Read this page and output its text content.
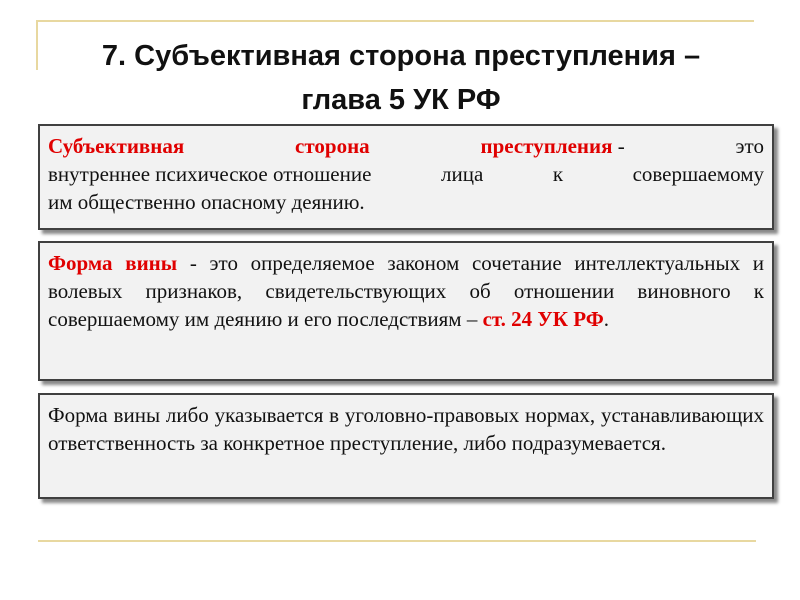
7. Субъективная сторона преступления –
глава 5 УК РФ
Субъективная	сторона	преступления -	это
внутреннее психическое отношение	лица	к	совершаемому

им общественно опасному деянию.

Форма вины - это определяемое законом сочетание интеллектуальных и волевых признаков, свидетельствующих об отношении виновного к совершаемому им деянию и его последствиям – ст. 24 УК РФ.

Форма вины либо указывается в уголовно-правовых нормах, устанавливающих ответственность за конкретное преступление, либо подразумевается.
